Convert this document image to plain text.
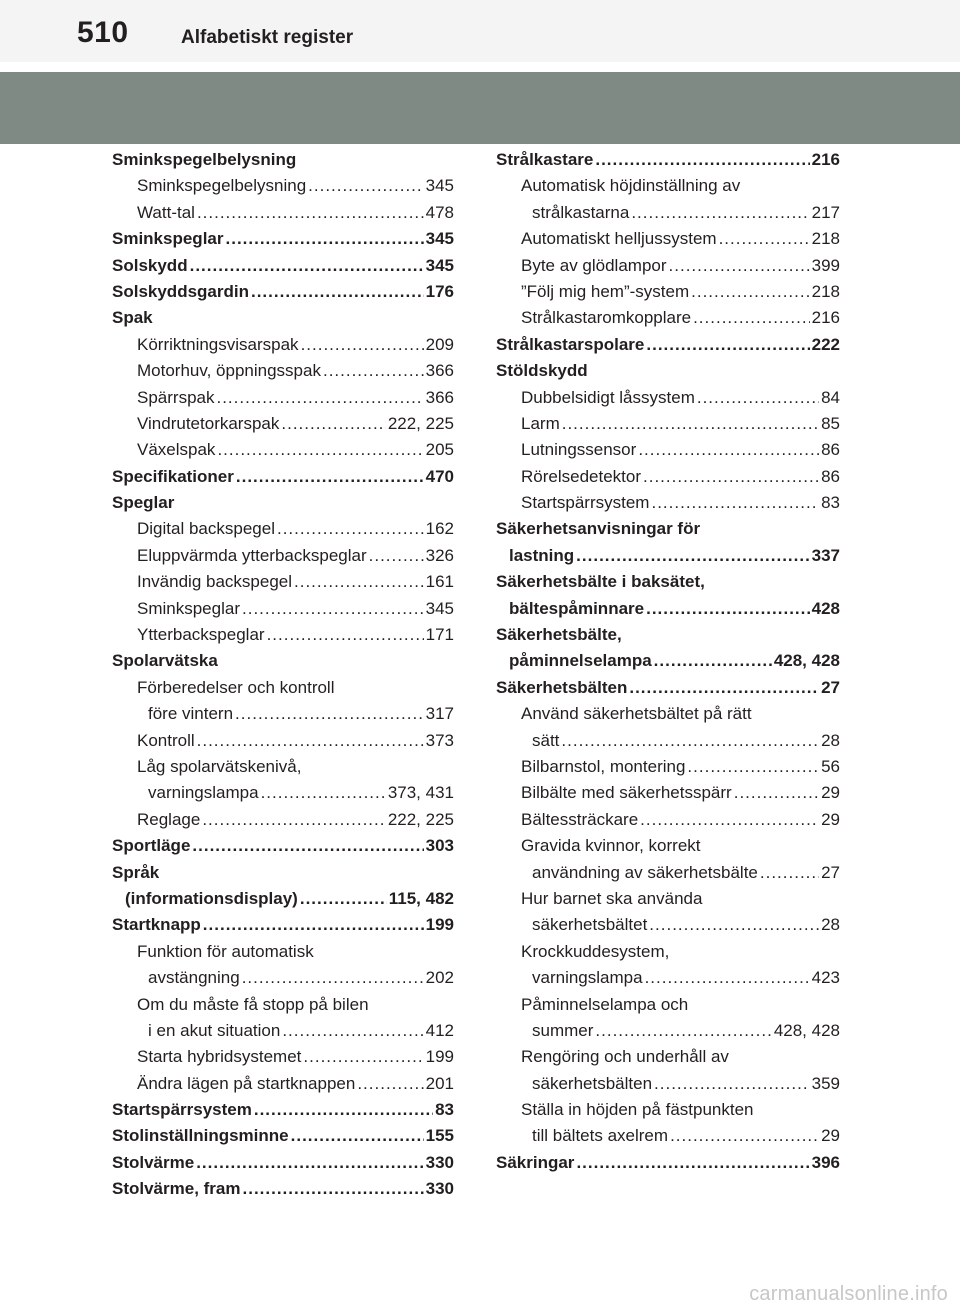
510	Alfabetiskt register
Sminkspegelbelysning
Sminkspegelbelysning .....	345
Watt-tal .....	478
Sminkspeglar .....	345
Solskydd .....	345
Solskyddsgardin .....	176
Spak
Körriktningsvisarspak .....	209
Motorhuv, öppningsspak .....	366
Spärrspak .....	366
Vindrutetorkarspak .....	222, 225
Växelspak .....	205
Specifikationer .....	470
Speglar
Digital backspegel .....	162
Eluppvärmda ytterbackspeglar .....	326
Invändig backspegel .....	161
Sminkspeglar .....	345
Ytterbackspeglar .....	171
Spolarvätska
Förberedelser och kontroll
före vintern .....	317
Kontroll .....	373
Låg spolarvätskenivå,
varningslampa .....	373, 431
Reglage .....	222, 225
Sportläge .....	303
Språk
(informationsdisplay) .....	115, 482
Startknapp .....	199
Funktion för automatisk
avstängning .....	202
Om du måste få stopp på bilen
i en akut situation .....	412
Starta hybridsystemet .....	199
Ändra lägen på startknappen .....	201
Startspärrsystem .....	83
Stolinställningsminne .....	155
Stolvärme .....	330
Stolvärme, fram .....	330
Strålkastare .....	216
Automatisk höjdinställning av
strålkastarna .....	217
Automatiskt helljussystem .....	218
Byte av glödlampor .....	399
”Följ mig hem”-system .....	218
Strålkastaromkopplare .....	216
Strålkastarspolare .....	222
Stöldskydd
Dubbelsidigt låssystem .....	84
Larm .....	85
Lutningssensor .....	86
Rörelsedetektor .....	86
Startspärrsystem .....	83
Säkerhetsanvisningar för
lastning .....	337
Säkerhetsbälte i baksätet,
bältespåminnare .....	428
Säkerhetsbälte,
påminnelselampa .....	428, 428
Säkerhetsbälten .....	27
Använd säkerhetsbältet på rätt
sätt .....	28
Bilbarnstol, montering .....	56
Bilbälte med säkerhetsspärr .....	29
Bältessträckare .....	29
Gravida kvinnor, korrekt
användning av säkerhetsbälte .....	27
Hur barnet ska använda
säkerhetsbältet .....	28
Krockkuddesystem,
varningslampa .....	423
Påminnelselampa och
summer .....	428, 428
Rengöring och underhåll av
säkerhetsbälten .....	359
Ställa in höjden på fästpunkten
till bältets axelrem .....	29
Säkringar .....	396
carmanualsonline.info
